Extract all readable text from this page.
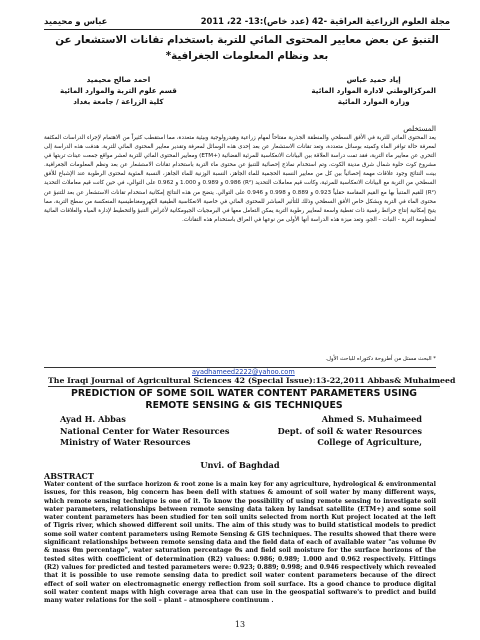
مجلة العلوم الزراعية العراقية -42 (عدد خاص):13- 22، 2011
عباس و محيميد
التنبؤ عن بعض معايير المحتوى المائي للتربة باستخدام تقانات الاستشعار عن بعد ونظام المعلومات الجغرافية*
إياد حميد عباس
المركزالوطني لادارة الموارد المائية
وزارة الموارد المائية
احمد صالح محيميد
قسم علوم التربة والموارد المائية
كلية الزراعة / جامعة بغداد
المستخلص
يعد المحتوى المائي للتربة في الأفق السطحي والمنطقة الجذرية مفتاحاً لمهام زراعية وهيدرولوجية وبيئية متعددة، مما استقطب كثيراً من الاهتمام لإجراء الدراسات المكثفة لمعرفة حالة توافر الماء وكميته بوسائل متعددة، وتعد تقانات الاستشعار عن بعد إحدى هذه الوسائل لمعرفة وتقدير معايير المحتوى المائي للتربة. هدفت هذه الدراسة إلى التحري عن معايير ماء التربة، فقد تمت دراسة العلاقة بين البيانات الانعكاسية للمرئية الفضائية (+ETM) ومعايير المحتوى المائي للتربة لعشر مواقع جمعت عينات تربتها في مشروع كوت حلوة شمال شرق مدينة الكوت، وتم استخدام نماذج إحصائية للتنبؤ عن محتوى ماء التربة باستخدام تقانات الاستشعار عن بعد ونظم المعلومات الجغرافية. بينت النتائج وجود علاقات مهمة إحصائياً بين كل من معايير النسبة الحجمية للماء الجاهز، النسبة الوزنية للماء الجاهز، النسبة المئوية لمحتوى الرطوبة عند الإشباع للأفق السطحي من التربة مع البيانات الانعكاسية للمرئية، وكانت قيم معاملات التحديد (R²) 0.986 و 0.989 و 1.000 و 0.962 على التوالي، في حين كانت قيم معاملات التحديد (R²) للقيم المتنبأ بها مع القيم المقاسة حقلياً 0.923 و 0.889 و 0.998 و 0.946 على التوالي. يتضح من هذه النتائج إمكانية استخدام تقانات الاستشعار عن بعد للتنبؤ عن محتوى الماء في التربة وبشكل خاص الأفق السطحي وذلك للتأثير المباشر للمحتوى المائي في خاصية الانعكاسية الطيفية الكهرومغناطيسية المنعكسة من سطح التربة، مما يتيح إمكانية إنتاج خرائط رقمية ذات تغطية واسعة لمعايير رطوبة التربة يمكن التعامل معها في البرمجيات الجيومكانية لأغراض التنبؤ والتخطيط لإدارة المياه والعلاقات المائية لمنظومة التربة - النبات - الجو، وتعد ميزة هذه الدراسة أنها الأولى من نوعها في العراق باستخدام هذه التقانات.
* البحث مستل من أطروحة دكتوراه للباحث الأول.
ayadhameed2222@yahoo.com
The Iraqi Journal of Agricultural Sciences 42 (Special Issue):13-22,2011 Abbas& Muhaimeed
PREDICTION OF SOME SOIL WATER CONTENT PARAMETERS USING REMOTE SENSING & GIS TECHNIQUES
Ayad H. Abbas
National Center for Water Resources
Ministry of Water Resources
Ahmed S. Muhaimeed
Dept. of soil & water Resources
College of Agriculture,
Unvi. of Baghdad
ABSTRACT
Water content of the surface horizon & root zone is a main key for any agriculture, hydrological & environmental issues, for this reason, big concern has been dell with statues & amount of soil water by many different ways, which remote sensing technique is one of it. To know the possibility of using remote sensing to investigate soil water parameters, relationships between remote sensing data taken by landsat satellite (ETM+) and some soil water content parameters has been studied for ten soil units selected from north Kut project located at the left of Tigris river, which showed different soil units. The aim of this study was to build statistical models to predict some soil water content parameters using Remote Sensing & GIS techniques. The results showed that there were significant relationships between remote sensing data and the field data of each of available water "as volume θv & mass θm percentage", water saturation percentage θs and field soil moisture for the surface horizons of the tested sites with coefficient of determination (R2) values: 0.986; 0.989; 1.000 and 0.962 respectively. Fittings (R2) values for predicted and tested parameters were: 0.923; 0.889; 0.998; and 0.946 respectively which revealed that it is possible to use remote sensing data to predict soil water content parameters because of the direct effect of soil water on electromagnetic energy reflection from soil surface. Its a good chance to produce digital soil water content maps with high coverage area that can use in the geospatial software's to predict and build many water relations for the soil – plant – atmosphere continuum .
13
